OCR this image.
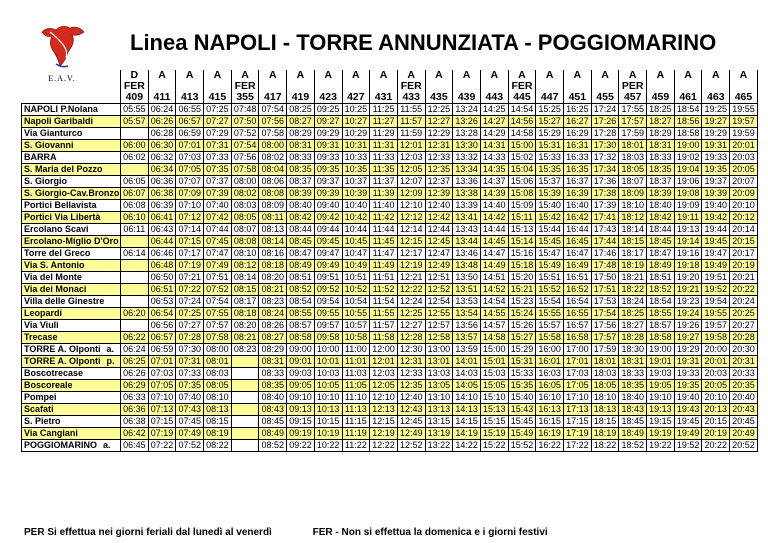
E.A.V.
Linea NAPOLI - TORRE ANNUNZIATA - POGGIOMARINO
	D	A	A	A	A	A	A	A	A	A	A	A	A	A	A	A	A	A	A	A	A	A	A
	FER				FER						FER				FER				PER				
	409	411	413	415	355	417	419	423	427	431	433	435	439	443	445	447	451	455	457	459	461	463	465
NAPOLI P.Nolana	05:55	06:24	06:55	07:25	07:48	07:54	08:25	09:25	10:25	11:25	11:55	12:25	13:24	14:25	14:54	15:25	16:25	17:24	17:55	18:25	18:54	19:25	19:55
Napoli Garibaldi	05:57	06:26	06:57	07:27	07:50	07:56	08:27	09:27	10:27	11:27	11:57	12:27	13:26	14:27	14:56	15:27	16:27	17:26	17:57	18:27	18:56	19:27	19:57
Via Gianturco		06:28	06:59	07:29	07:52	07:58	08:29	09:29	10:29	11:29	11:59	12:29	13:28	14:29	14:58	15:29	16:29	17:28	17:59	18:29	18:58	19:29	19:59
S. Giovanni	06:00	06:30	07:01	07:31	07:54	08:00	08:31	09:31	10:31	11:31	12:01	12:31	13:30	14:31	15:00	15:31	16:31	17:30	18:01	18:31	19:00	19:31	20:01
BARRA	06:02	06:32	07:03	07:33	07:56	08:02	08:33	09:33	10:33	11:33	12:03	12:33	13:32	14:33	15:02	15:33	16:33	17:32	18:03	18:33	19:02	19:33	20:03
S. Maria del Pozzo		06:34	07:05	07:35	07:58	08:04	08:35	09:35	10:35	11:35	12:05	12:35	13:34	14:35	15:04	15:35	16:35	17:34	18:05	18:35	19:04	19:35	20:05
S. Giorgio	06:05	06:36	07:07	07:37	08:00	08:06	08:37	09:37	10:37	11:37	12:07	12:37	13:36	14:37	15:06	15:37	16:37	17:36	18:07	18:37	19:06	19:37	20:07
S. Giorgio-Cav.Bronzo	06:07	06:38	07:09	07:39	08:02	08:08	08:39	09:39	10:39	11:39	12:09	12:39	13:38	14:39	15:08	15:39	16:39	17:38	18:09	18:39	19:08	19:39	20:09
Portici Bellavista	06:08	06:39	07:10	07:40	08:03	08:09	08:40	09:40	10:40	11:40	12:10	12:40	13:39	14:40	15:09	15:40	16:40	17:39	18:10	18:40	19:09	19:40	20:10
Portici Via Libertà	06:10	06:41	07:12	07:42	08:05	08:11	08:42	09:42	10:42	11:42	12:12	12:42	13:41	14:42	15:11	15:42	16:42	17:41	18:12	18:42	19:11	19:42	20:12
Ercolano Scavi	06:11	06:43	07:14	07:44	08:07	08:13	08:44	09:44	10:44	11:44	12:14	12:44	13:43	14:44	15:13	15:44	16:44	17:43	18:14	18:44	19:13	19:44	20:14
Ercolano-Miglio D'Oro		06:44	07:15	07:45	08:08	08:14	08:45	09:45	10:45	11:45	12:15	12:45	13:44	14:45	15:14	15:45	16:45	17:44	18:15	18:45	19:14	19:45	20:15
Torre del Greco	06:14	06:46	07:17	07:47	08:10	08:16	08:47	09:47	10:47	11:47	12:17	12:47	13:46	14:47	15:16	15:47	16:47	17:46	18:17	18:47	19:16	19:47	20:17
Via S. Antonio		06:48	07:19	07:49	08:12	08:18	08:49	09:49	10:49	11:49	12:19	12:49	13:48	14:49	15:18	15:49	16:49	17:48	18:19	18:49	19:18	19:49	20:19
Via del Monte		06:50	07:21	07:51	08:14	08:20	08:51	09:51	10:51	11:51	12:21	12:51	13:50	14:51	15:20	15:51	16:51	17:50	18:21	18:51	19:20	19:51	20:21
Via dei Monaci		06:51	07:22	07:52	08:15	08:21	08:52	09:52	10:52	11:52	12:22	12:52	13:51	14:52	15:21	15:52	16:52	17:51	18:22	18:52	19:21	19:52	20:22
Villa delle Ginestre		06:53	07:24	07:54	08:17	08:23	08:54	09:54	10:54	11:54	12:24	12:54	13:53	14:54	15:23	15:54	16:54	17:53	18:24	18:54	19:23	19:54	20:24
Leopardi	06:20	06:54	07:25	07:55	08:18	08:24	08:55	09:55	10:55	11:55	12:25	12:55	13:54	14:55	15:24	15:55	16:55	17:54	18:25	18:55	19:24	19:55	20:25
Via Viuli		06:56	07:27	07:57	08:20	08:26	08:57	09:57	10:57	11:57	12:27	12:57	13:56	14:57	15:26	15:57	16:57	17:56	18:27	18:57	19:26	19:57	20:27
Trecase	06:22	06:57	07:28	07:58	08:21	08:27	08:58	09:58	10:58	11:58	12:28	12:58	13:57	14:58	15:27	15:58	16:58	17:57	18:28	18:58	19:27	19:58	20:28
TORRE A. Olponti a.	06:24	06:59	07:30	08:00	08:23	08:29	09:00	10:00	11:00	12:00	12:30	13:00	13:59	15:00	15:29	16:00	17:00	17:59	18:30	19:00	19:29	20:00	20:30
TORRE A. Olponti p.	06:25	07:01	07:31	08:01		08:31	09:01	10:01	11:01	12:01	12:31	13:01	14:01	15:01	15:31	16:01	17:01	18:01	18:31	19:01	19:31	20:01	20:31
Boscotrecase	06:26	07:03	07:33	08:03		08:33	09:03	10:03	11:03	12:03	12:33	13:03	14:03	15:03	15:33	16:03	17:03	18:03	18:33	19:03	19:33	20:03	20:33
Boscoreale	06:29	07:05	07:35	08:05		08:35	09:05	10:05	11:05	12:05	12:35	13:05	14:05	15:05	15:35	16:05	17:05	18:05	18:35	19:05	19:35	20:05	20:35
Pompei	06:33	07:10	07:40	08:10		08:40	09:10	10:10	11:10	12:10	12:40	13:10	14:10	15:10	15:40	16:10	17:10	18:10	18:40	19:10	19:40	20:10	20:40
Scafati	06:36	07:13	07:43	08:13		08:43	09:13	10:13	11:13	12:13	12:43	13:13	14:13	15:13	15:43	16:13	17:13	18:13	18:43	19:13	19:43	20:13	20:43
S. Pietro	06:38	07:15	07:45	08:15		08:45	09:15	10:15	11:15	12:15	12:45	13:15	14:15	15:15	15:45	16:15	17:15	18:15	18:45	19:15	19:45	20:15	20:45
Via Cangiani	06:42	07:19	07:49	08:19		08:49	09:19	10:19	11:19	12:19	12:49	13:19	14:19	15:19	15:49	16:19	17:19	18:19	18:49	19:19	19:49	20:19	20:49
POGGIOMARINO a.	06:45	07:22	07:52	08:22		08:52	09:22	10:22	11:22	12:22	12:52	13:22	14:22	15:22	15:52	16:22	17:22	18:22	18:52	19:22	19:52	20:22	20:52
PER Si effettua nei giorni feriali dal lunedì al venerdì	FER - Non si effettua la domenica e i giorni festivi
